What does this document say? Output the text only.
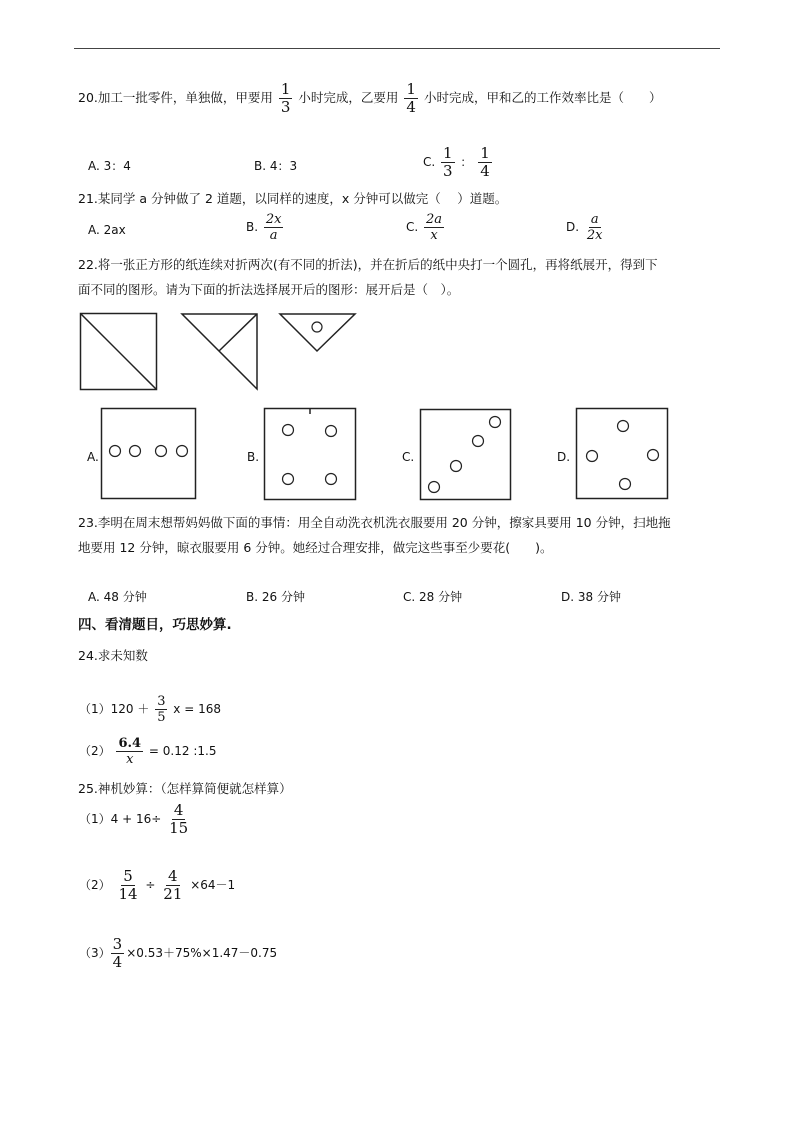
20.加工一批零件，单独做，甲要用 $\frac{1}{3}$ 小时完成，乙要用 $\frac{1}{4}$ 小时完成，甲和乙的工作效率比是（　　）
A. 3：4	B. 4：3	C. $\frac{1}{3}$ ： $\frac{1}{4}$
21.某同学 a 分钟做了 2 道题，以同样的速度，x 分钟可以做完（　 ）道题。
A. 2ax	B. $\frac{2x}{a}$	C. $\frac{2a}{x}$	D. $\frac{a}{2x}$
22.将一张正方形的纸连续对折两次(有不同的折法)，并在折后的纸中央打一个圆孔，再将纸展开，得到下
面不同的图形。请为下面的折法选择展开后的图形：展开后是（　）。
A.	B.	C.	D.
23.李明在周末想帮妈妈做下面的事情：用全自动洗衣机洗衣服要用 20 分钟，擦家具要用 10 分钟，扫地拖
地要用 12 分钟，晾衣服要用 6 分钟。她经过合理安排，做完这些事至少要花(　　)。
A. 48 分钟	B. 26 分钟	C. 28 分钟	D. 38 分钟
四、看清题目，巧思妙算.
24.求未知数
$(1)120 + \frac{3}{5}$ x = 168
$(2) \frac{6.4}{x} = 0.12$ :1.5
25.神机妙算：（怎样算简便就怎样算）
$(1)4 + 16\div \frac{4}{15}$
$(2) \frac{5}{14} \div \frac{4}{21} \times 64-1$
$(3) \frac{3}{4} \times 0.53+75\%\times 1.47-0.75$
